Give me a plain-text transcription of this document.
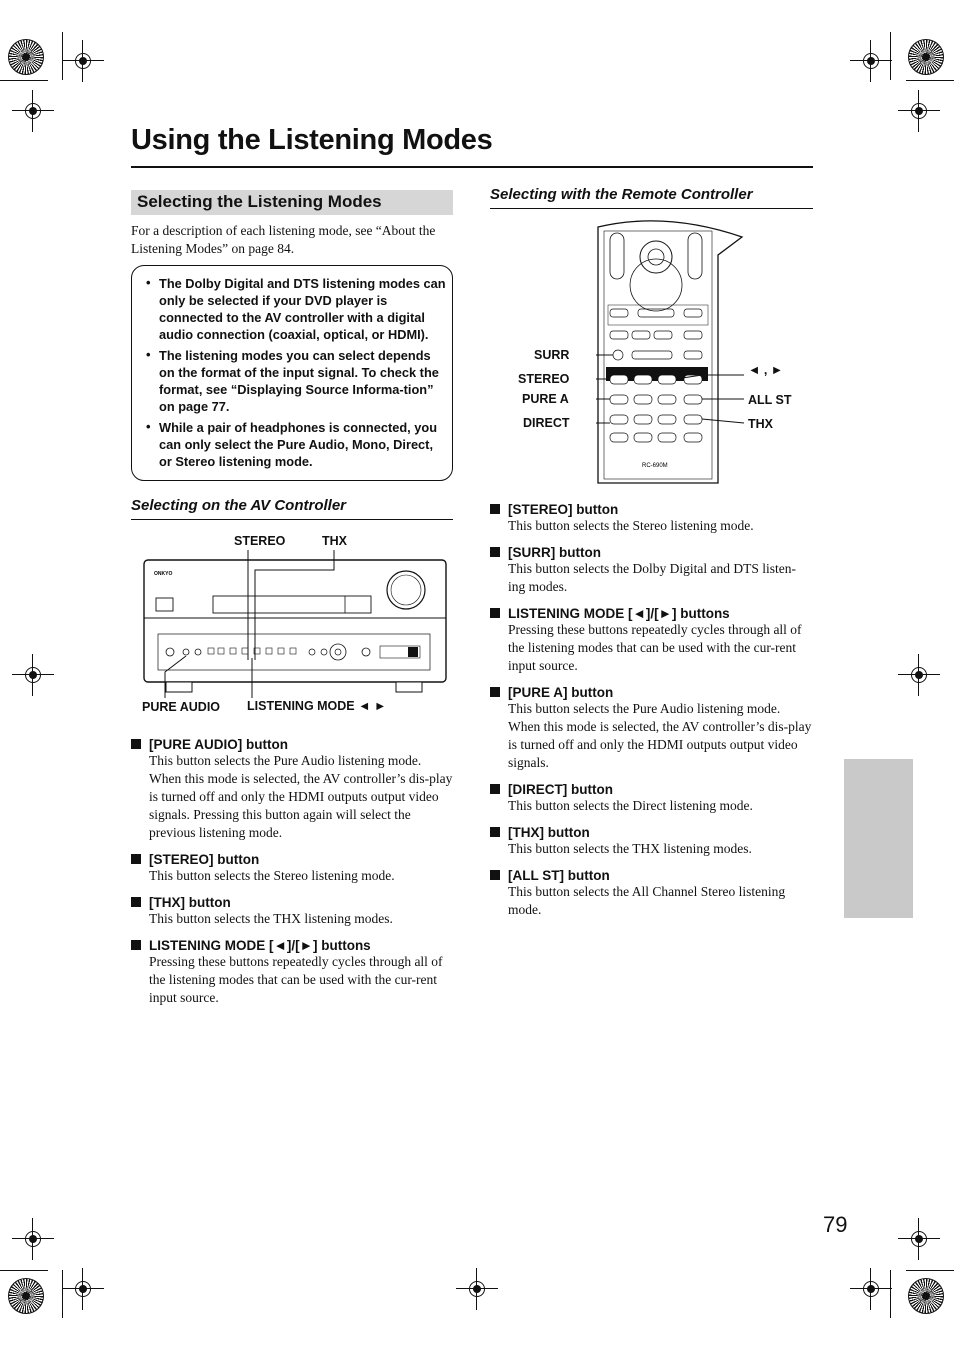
Using the Listening Modes
Selecting the Listening Modes
For a description of each listening mode, see “About the Listening Modes” on page 84.
• The Dolby Digital and DTS listening modes can only be selected if your DVD player is connected to the AV controller with a digital audio connection (coaxial, optical, or HDMI).
• The listening modes you can select depends on the format of the input signal. To check the format, see “Displaying Source Informa-tion” on page 77.
• While a pair of headphones is connected, you can only select the Pure Audio, Mono, Direct, or Stereo listening mode.
Selecting on the AV Controller
STEREO	THX
PURE AUDIO LISTENING MODE ◄ ►
ONKYO
[PURE AUDIO] button
This button selects the Pure Audio listening mode. When this mode is selected, the AV controller’s dis-play is turned off and only the HDMI outputs output video signals. Pressing this button again will select the previous listening mode.
[STEREO] button
This button selects the Stereo listening mode.
[THX] button
This button selects the THX listening modes.
LISTENING MODE [◄]/[►] buttons
Pressing these buttons repeatedly cycles through all of the listening modes that can be used with the cur-rent input source.
Selecting with the Remote Controller
RC-690M
SURR
STEREO
PURE A
DIRECT
◄ , ►
ALL ST
THX
[STEREO] button
This button selects the Stereo listening mode.
[SURR] button
This button selects the Dolby Digital and DTS listen-ing modes.
LISTENING MODE [◄]/[►] buttons
Pressing these buttons repeatedly cycles through all of the listening modes that can be used with the cur-rent input source.
[PURE A] button
This button selects the Pure Audio listening mode. When this mode is selected, the AV controller’s dis-play is turned off and only the HDMI outputs output video signals.
[DIRECT] button
This button selects the Direct listening mode.
[THX] button
This button selects the THX listening modes.
[ALL ST] button
This button selects the All Channel Stereo listening mode.
79
